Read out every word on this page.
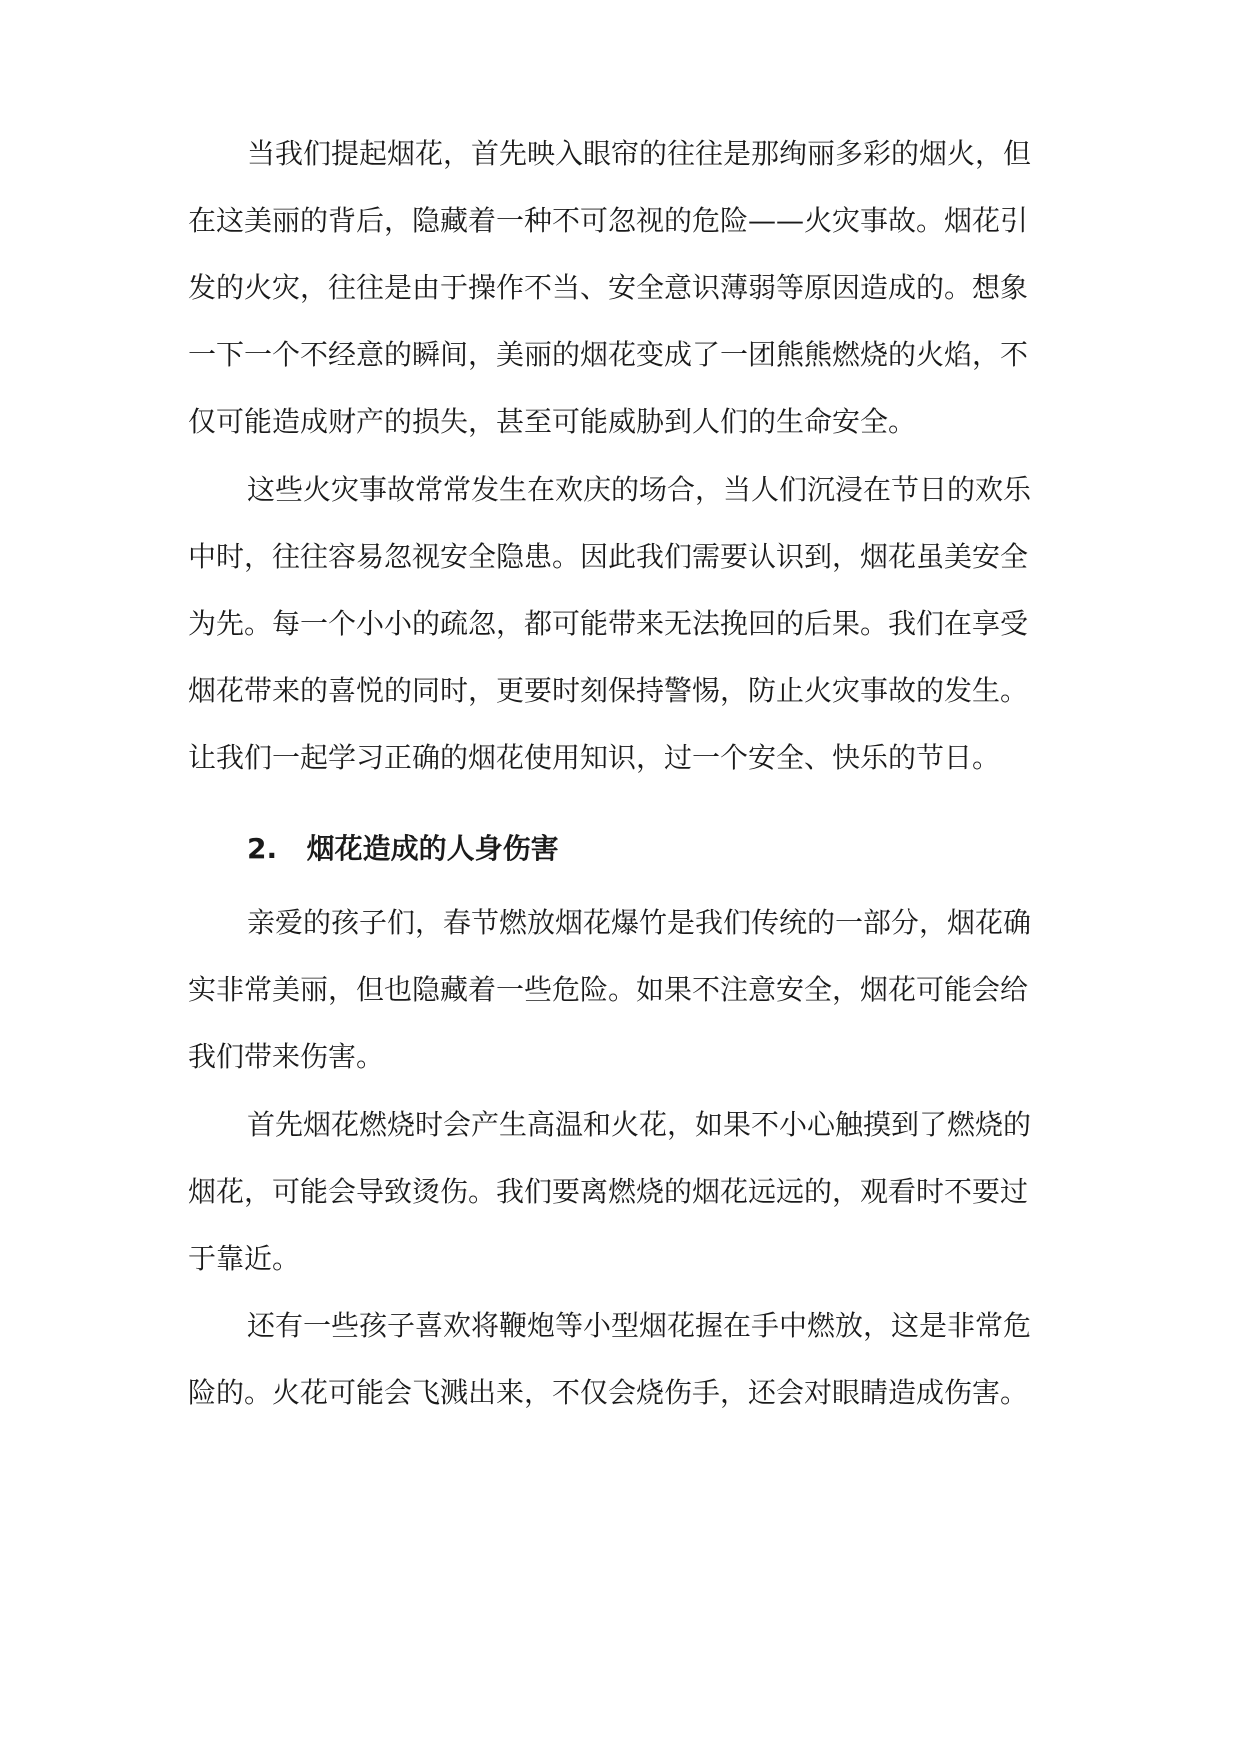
当我们提起烟花，首先映入眼帘的往往是那绚丽多彩的烟火，但
在这美丽的背后，隐藏着一种不可忽视的危险——火灾事故。烟花引
发的火灾，往往是由于操作不当、安全意识薄弱等原因造成的。想象
一下一个不经意的瞬间，美丽的烟花变成了一团熊熊燃烧的火焰，不
仅可能造成财产的损失，甚至可能威胁到人们的生命安全。
这些火灾事故常常发生在欢庆的场合，当人们沉浸在节日的欢乐
中时，往往容易忽视安全隐患。因此我们需要认识到，烟花虽美安全
为先。每一个小小的疏忽，都可能带来无法挽回的后果。我们在享受
烟花带来的喜悦的同时，更要时刻保持警惕，防止火灾事故的发生。
让我们一起学习正确的烟花使用知识，过一个安全、快乐的节日。
2. 烟花造成的人身伤害
亲爱的孩子们，春节燃放烟花爆竹是我们传统的一部分，烟花确
实非常美丽，但也隐藏着一些危险。如果不注意安全，烟花可能会给
我们带来伤害。
首先烟花燃烧时会产生高温和火花，如果不小心触摸到了燃烧的
烟花，可能会导致烫伤。我们要离燃烧的烟花远远的，观看时不要过
于靠近。
还有一些孩子喜欢将鞭炮等小型烟花握在手中燃放，这是非常危
险的。火花可能会飞溅出来，不仅会烧伤手，还会对眼睛造成伤害。
